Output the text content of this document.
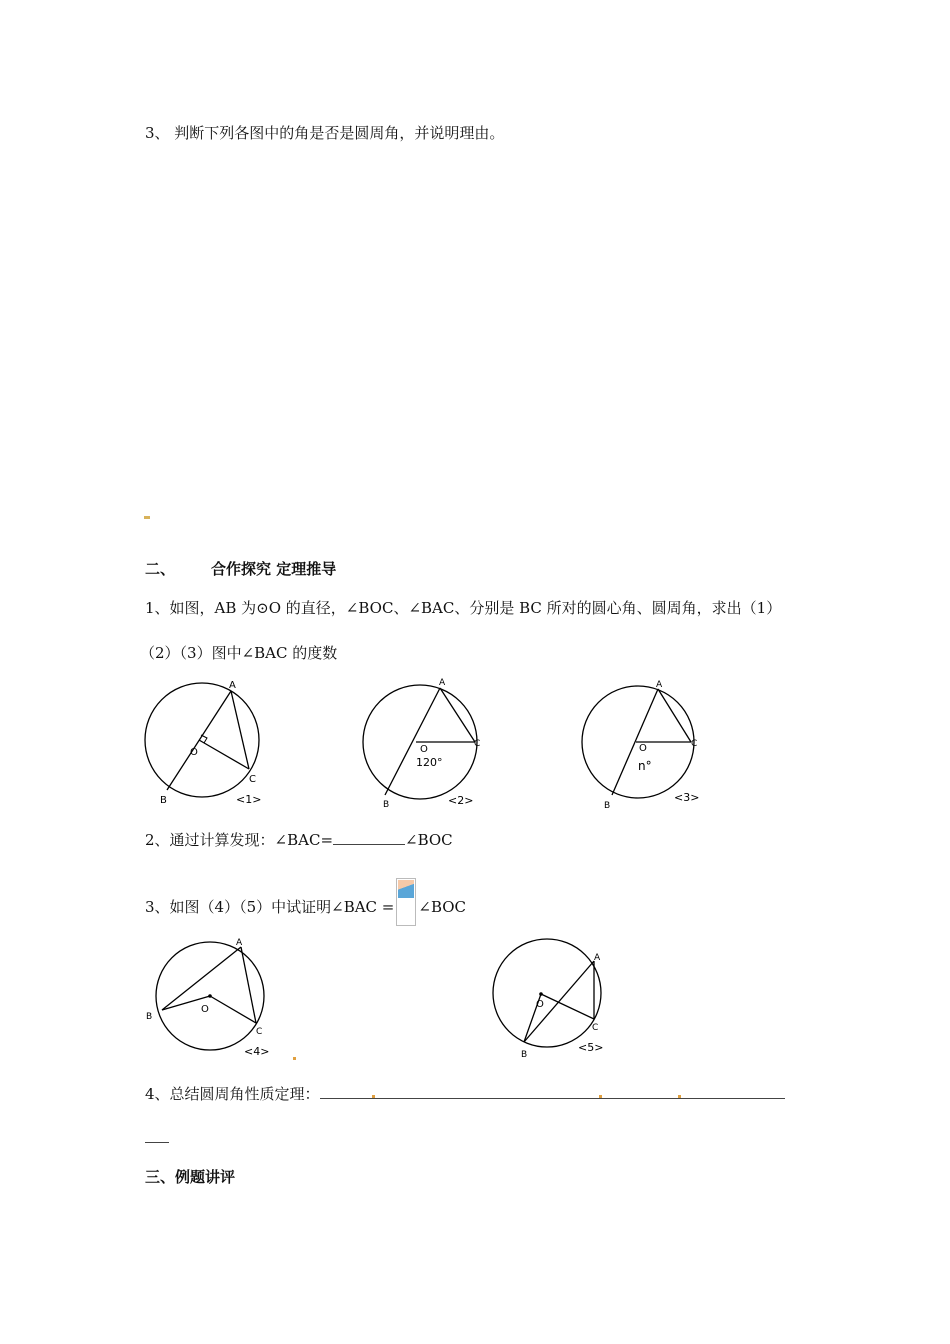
3、 判断下列各图中的角是否是圆周角，并说明理由。
二、 合作探究 定理推导
1、如图，AB 为⊙O 的直径，∠BOC、∠BAC、分别是 BC 所对的圆心角、圆周角，求出（1）
（2）（3）图中∠BAC 的度数
A
O
C
B	<1>
A
O	C
120°
B	<2>
A
O	C
n°
B
<3>
2、通过计算发现：∠BAC=	∠BOC
3、如图（4）（5）中试证明∠BAC = ∠BOC
A
O
C
B
<4>
A
O
C
B
<5>
4、总结圆周角性质定理：
三、例题讲评
